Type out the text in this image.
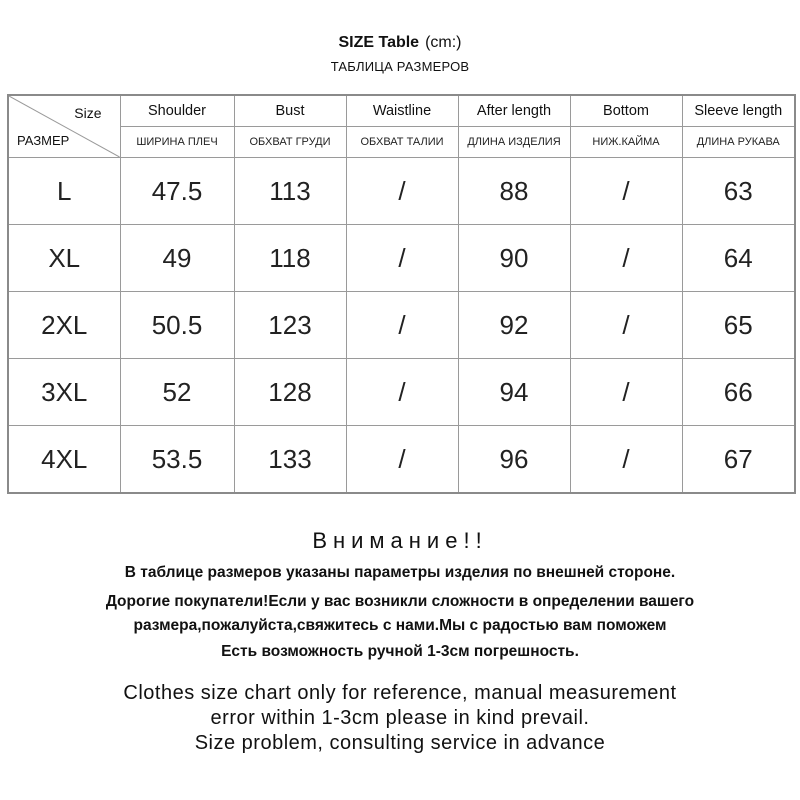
SIZE Table (cm:)
ТАБЛИЦА РАЗМЕРОВ
Size
РАЗМЕР	Shoulder	Bust	Waistline	After length	Bottom	Sleeve length
	ШИРИНА ПЛЕЧ	ОБХВАТ ГРУДИ	ОБХВАТ ТАЛИИ	ДЛИНА ИЗДЕЛИЯ	НИЖ.КАЙМА	ДЛИНА РУКАВА
L	47.5	113	/	88	/	63
XL	49	118	/	90	/	64
2XL	50.5	123	/	92	/	65
3XL	52	128	/	94	/	66
4XL	53.5	133	/	96	/	67
Внимание!!
В таблице размеров указаны параметры изделия по внешней стороне.
Дорогие покупатели!Если у вас возникли сложности в определении вашего
размера,пожалуйста,свяжитесь с нами.Мы с радостью вам поможем
Есть возможность ручной 1-3см погрешность.
Clothes size chart only for reference, manual measurement
error within 1-3cm please in kind prevail.
Size problem, consulting service in advance
